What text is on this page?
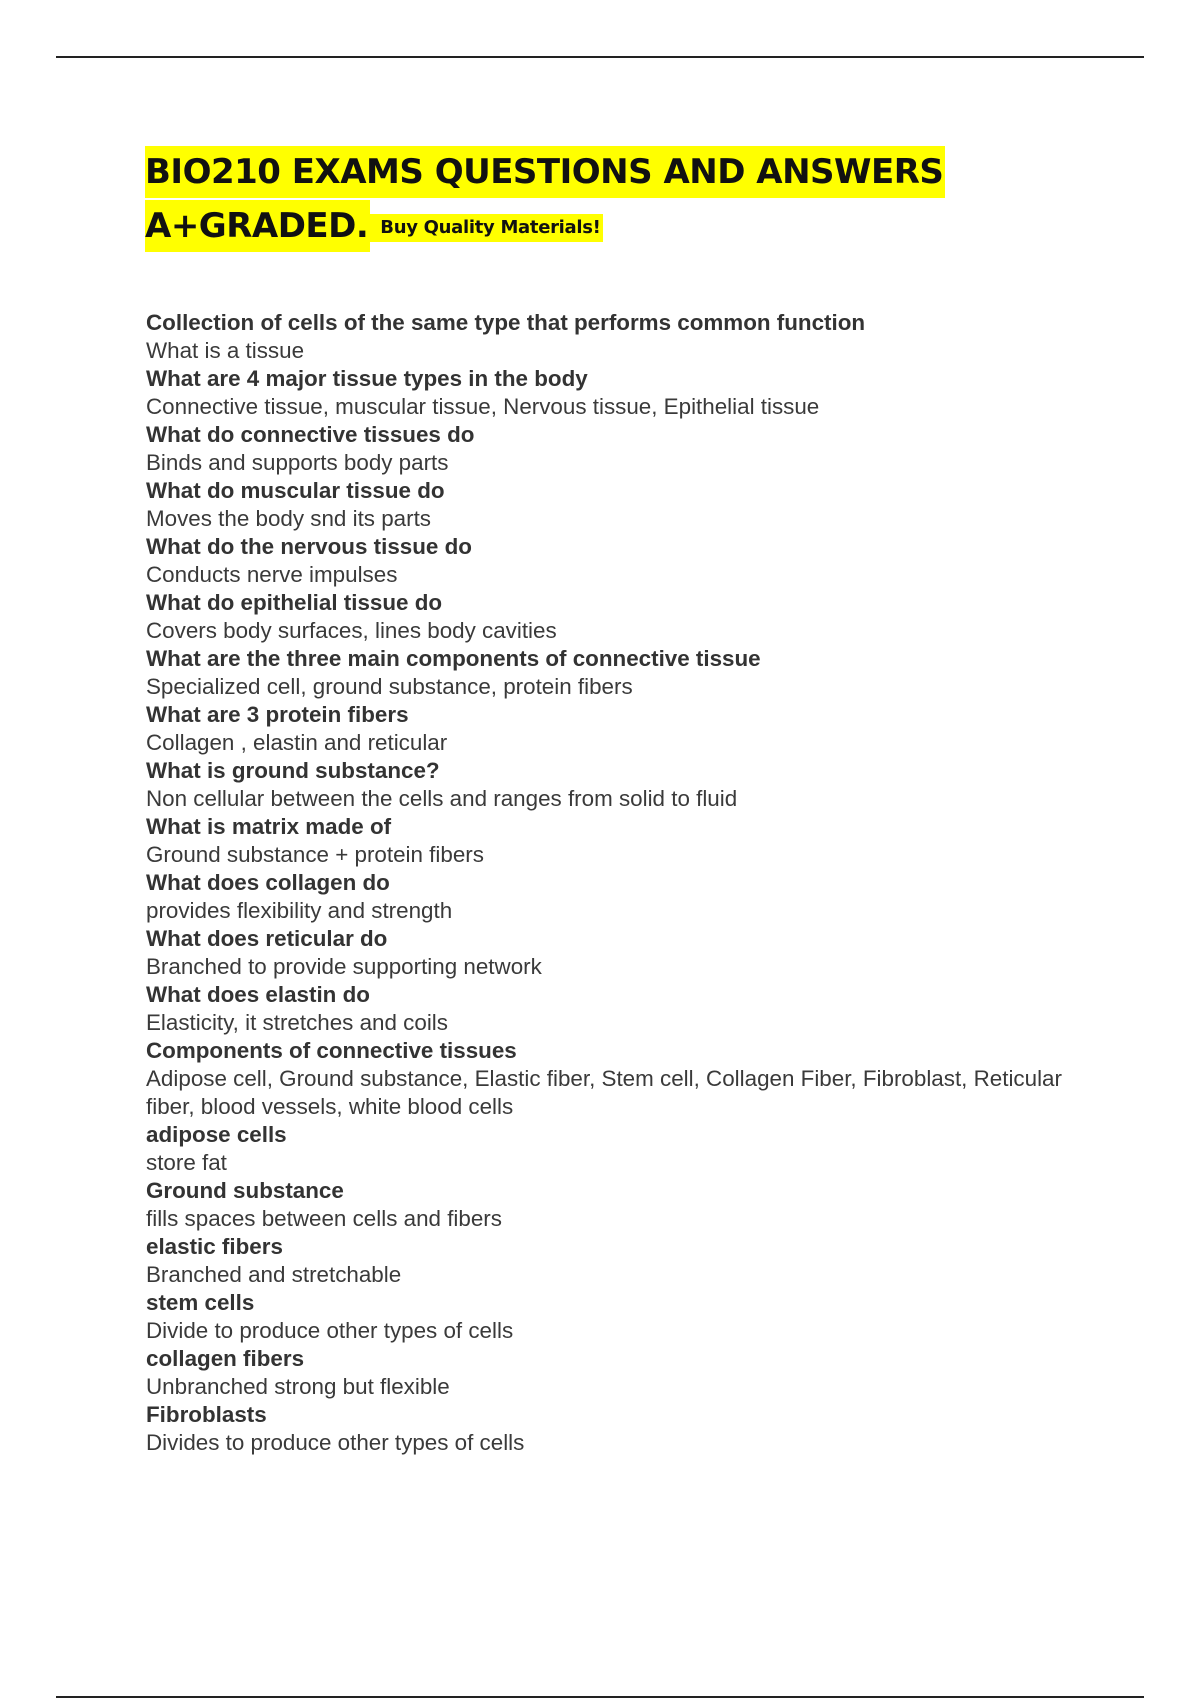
BIO210 EXAMS QUESTIONS AND ANSWERS
A+GRADED. Buy Quality Materials!
Collection of cells of the same type that performs common function
What is a tissue
What are 4 major tissue types in the body
Connective tissue, muscular tissue, Nervous tissue, Epithelial tissue
What do connective tissues do
Binds and supports body parts
What do muscular tissue do
Moves the body snd its parts
What do the nervous tissue do
Conducts nerve impulses
What do epithelial tissue do
Covers body surfaces, lines body cavities
What are the three main components of connective tissue
Specialized cell, ground substance, protein fibers
What are 3 protein fibers
Collagen , elastin and reticular
What is ground substance?
Non cellular between the cells and ranges from solid to fluid
What is matrix made of
Ground substance + protein fibers
What does collagen do
provides flexibility and strength
What does reticular do
Branched to provide supporting network
What does elastin do
Elasticity, it stretches and coils
Components of connective tissues
Adipose cell, Ground substance, Elastic fiber, Stem cell, Collagen Fiber, Fibroblast, Reticular fiber, blood vessels, white blood cells
adipose cells
store fat
Ground substance
fills spaces between cells and fibers
elastic fibers
Branched and stretchable
stem cells
Divide to produce other types of cells
collagen fibers
Unbranched strong but flexible
Fibroblasts
Divides to produce other types of cells
